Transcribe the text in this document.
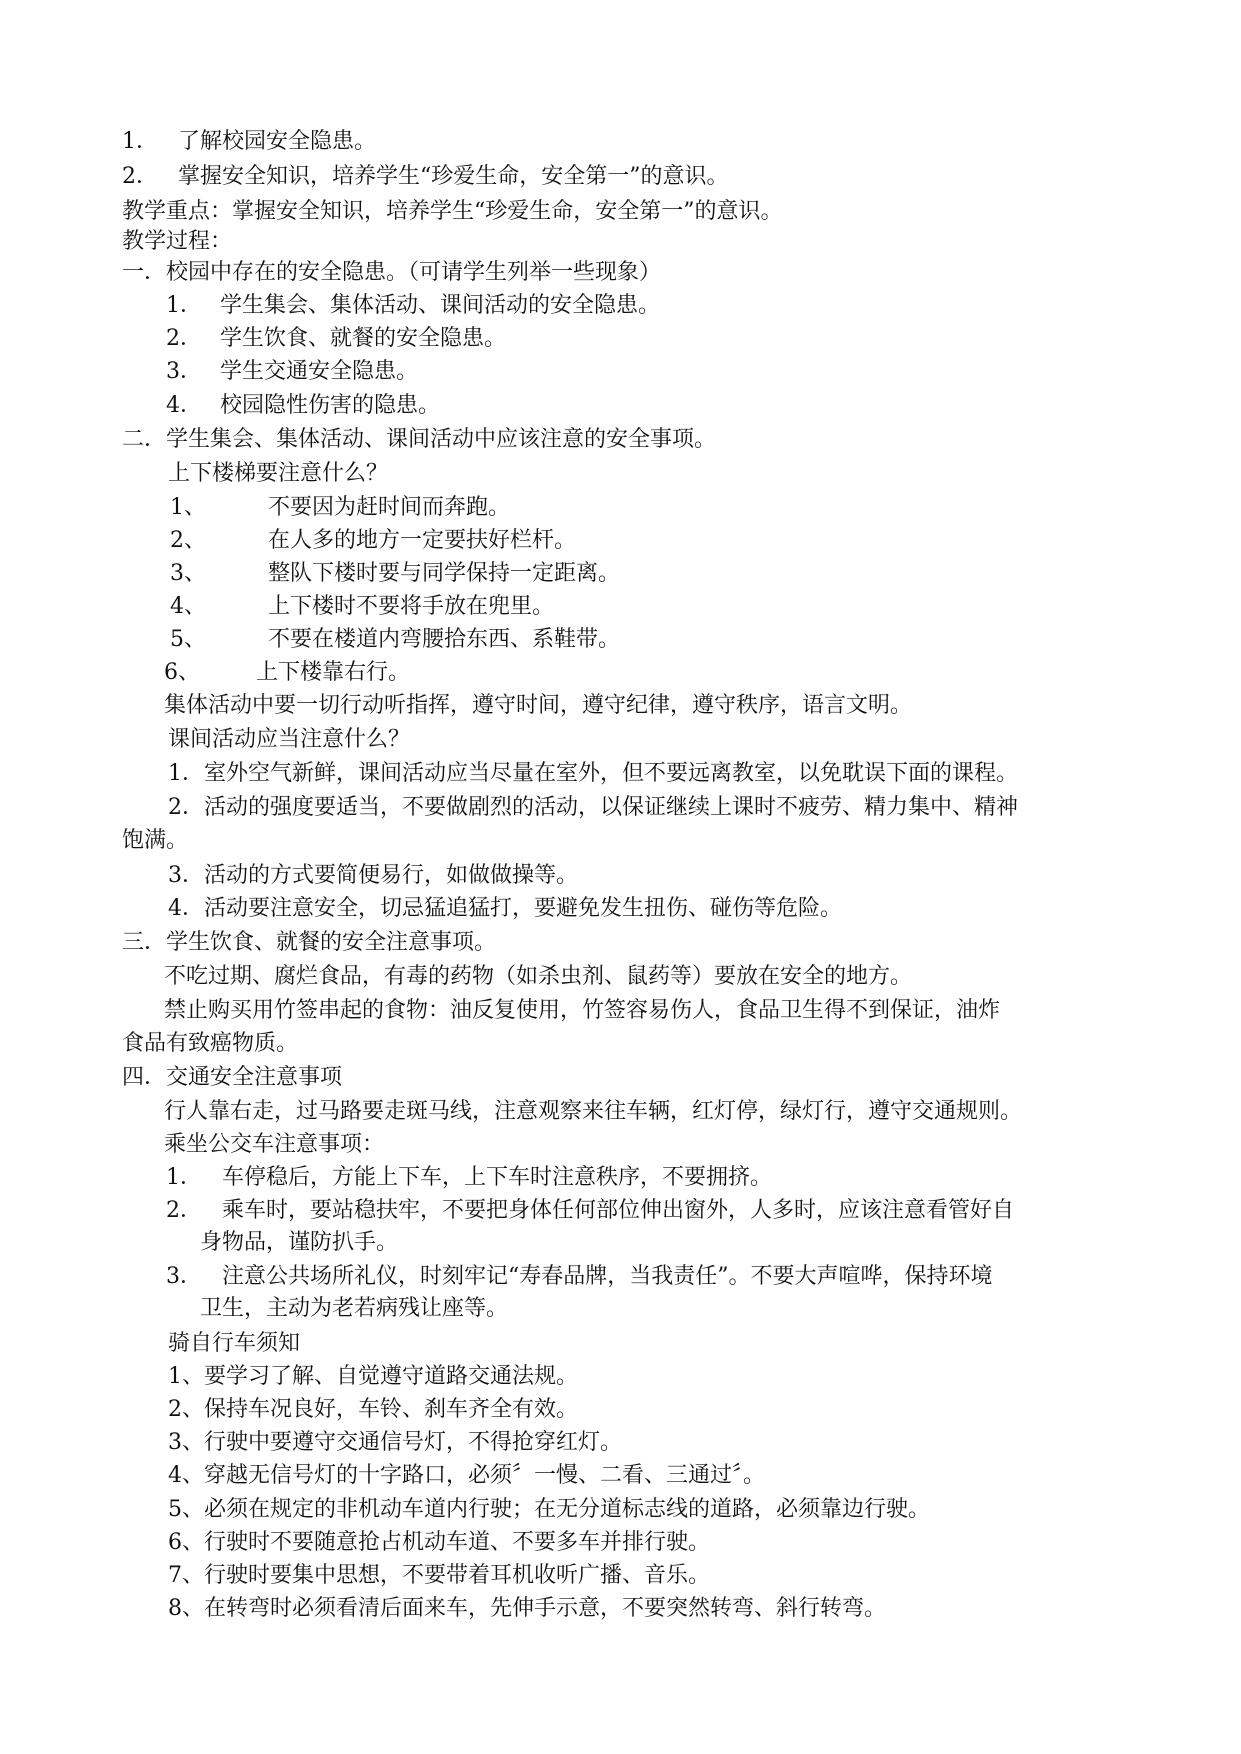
1． 了解校园安全隐患。
2． 掌握安全知识，培养学生“珍爱生命，安全第一”的意识。
教学重点：掌握安全知识，培养学生“珍爱生命，安全第一”的意识。
教学过程：
一．校园中存在的安全隐患。（可请学生列举一些现象）
1． 学生集会、集体活动、课间活动的安全隐患。
2． 学生饮食、就餐的安全隐患。
3． 学生交通安全隐患。
4． 校园隐性伤害的隐患。
二．学生集会、集体活动、课间活动中应该注意的安全事项。
上下楼梯要注意什么？
1、	不要因为赶时间而奔跑。
2、	在人多的地方一定要扶好栏杆。
3、	整队下楼时要与同学保持一定距离。
4、	上下楼时不要将手放在兜里。
5、	不要在楼道内弯腰拾东西、系鞋带。
6、	上下楼靠右行。
集体活动中要一切行动听指挥，遵守时间，遵守纪律，遵守秩序，语言文明。
课间活动应当注意什么？
1．室外空气新鲜，课间活动应当尽量在室外，但不要远离教室，以免耽误下面的课程。
2．活动的强度要适当，不要做剧烈的活动，以保证继续上课时不疲劳、精力集中、精神
饱满。
3．活动的方式要简便易行，如做做操等。
4．活动要注意安全，切忌猛追猛打，要避免发生扭伤、碰伤等危险。
三．学生饮食、就餐的安全注意事项。
不吃过期、腐烂食品，有毒的药物（如杀虫剂、鼠药等）要放在安全的地方。
禁止购买用竹签串起的食物：油反复使用，竹签容易伤人，食品卫生得不到保证，油炸
食品有致癌物质。
四．交通安全注意事项
行人靠右走，过马路要走斑马线，注意观察来往车辆，红灯停，绿灯行，遵守交通规则。
乘坐公交车注意事项：
1． 车停稳后，方能上下车，上下车时注意秩序，不要拥挤。
2． 乘车时，要站稳扶牢，不要把身体任何部位伸出窗外，人多时，应该注意看管好自
身物品，谨防扒手。
3． 注意公共场所礼仪，时刻牢记“寿春品牌，当我责任”。不要大声喧哗，保持环境
卫生，主动为老若病残让座等。
骑自行车须知
1、要学习了解、自觉遵守道路交通法规。
2、保持车况良好，车铃、刹车齐全有效。
3、行驶中要遵守交通信号灯，不得抢穿红灯。
4、穿越无信号灯的十字路口，必须〞一慢、二看、三通过〞。
5、必须在规定的非机动车道内行驶；在无分道标志线的道路，必须靠边行驶。
6、行驶时不要随意抢占机动车道、不要多车并排行驶。
7、行驶时要集中思想，不要带着耳机收听广播、音乐。
8、在转弯时必须看清后面来车，先伸手示意，不要突然转弯、斜行转弯。
